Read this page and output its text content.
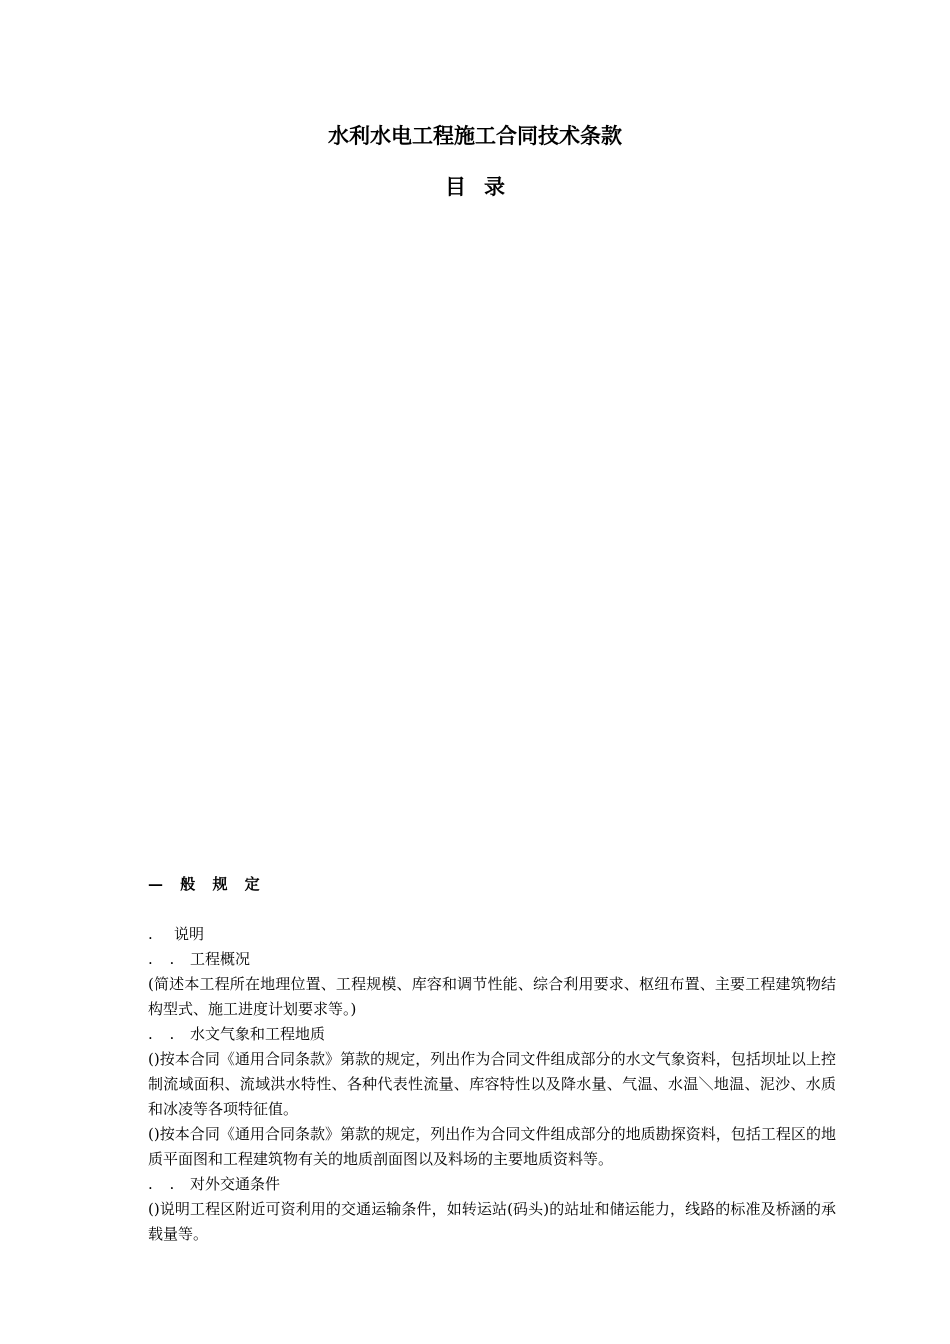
水利水电工程施工合同技术条款
目录
— 般 规 定

. 说明

. . 工程概况

(简述本工程所在地理位置、工程规模、库容和调节性能、综合利用要求、枢纽布置、主要工程建筑物结构型式、施工进度计划要求等。)

. . 水文气象和工程地质

()按本合同《通用合同条款》第款的规定，列出作为合同文件组成部分的水文气象资料，包括坝址以上控制流域面积、流域洪水特性、各种代表性流量、库容特性以及降水量、气温、水温＼地温、泥沙、水质和冰凌等各项特征值。

()按本合同《通用合同条款》第款的规定，列出作为合同文件组成部分的地质勘探资料，包括工程区的地质平面图和工程建筑物有关的地质剖面图以及料场的主要地质资料等。

. . 对外交通条件

()说明工程区附近可资利用的交通运输条件，如转运站(码头)的站址和储运能力，线路的标准及桥涵的承载量等。
